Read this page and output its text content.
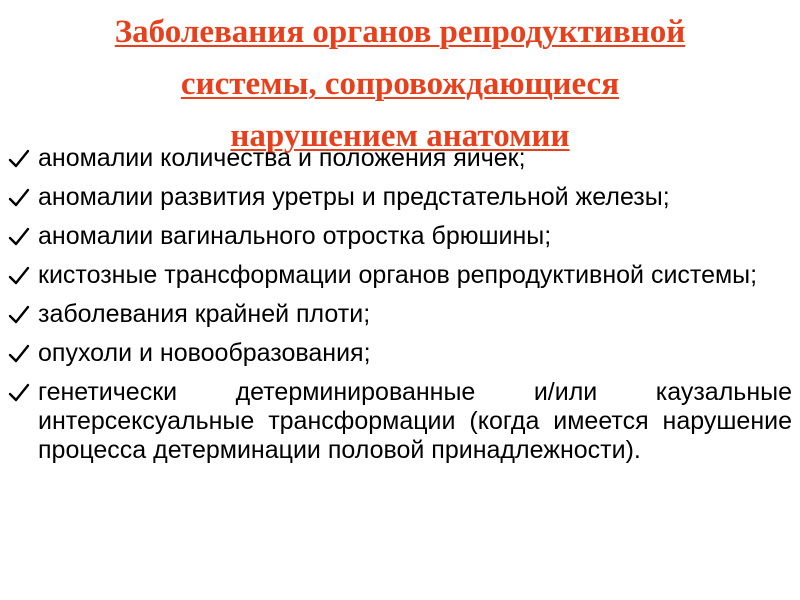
Заболевания органов репродуктивной
системы, сопровождающиеся
нарушением анатомии
аномалии количества и положения яичек;
аномалии развития уретры и предстательной железы;
аномалии вагинального отростка брюшины;
кистозные трансформации органов репродуктивной системы;
заболевания крайней плоти;
опухоли и новообразования;
генетически детерминированные и/или каузальные интерсексуальные трансформации (когда имеется нарушение процесса детерминации половой принадлежности).
